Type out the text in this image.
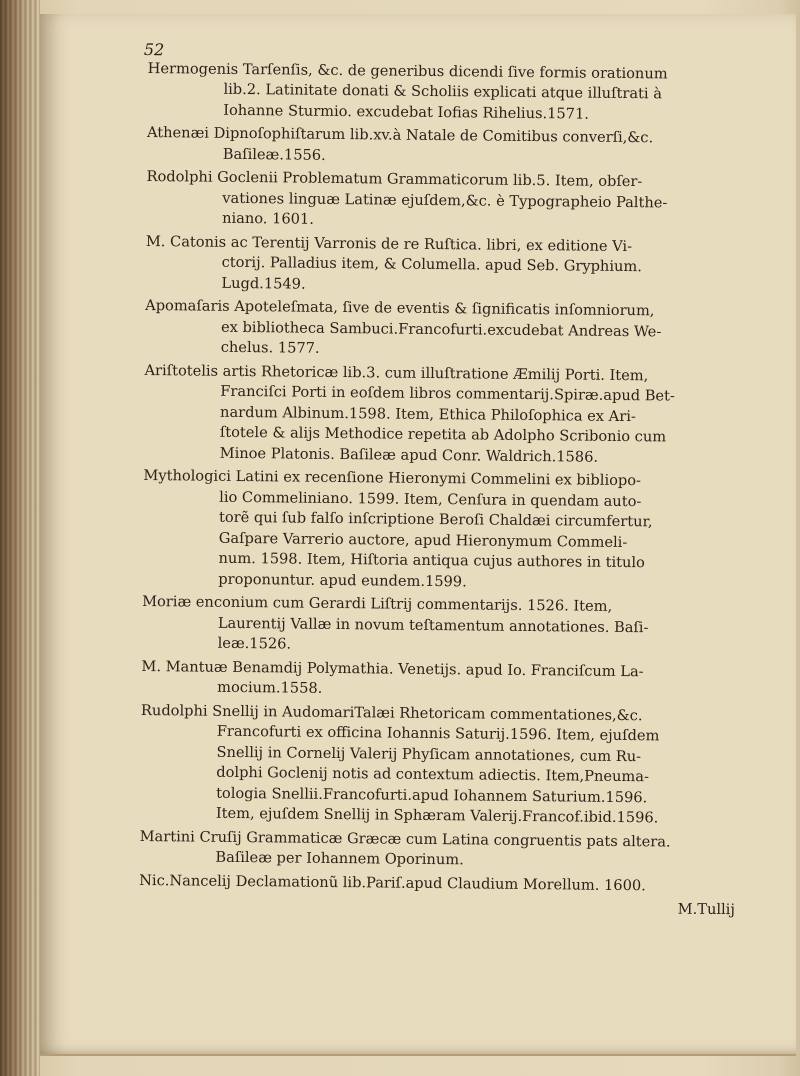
52

Hermogenis Tarſenſis, &c. de generibus dicendi ſive formis orationum
lib.2. Latinitate donati & Scholiis explicati atque illuſtrati à
Iohanne Sturmio. excudebat Iofias Rihelius.1571.

Athenæi Dipnoſophiſtarum lib.xv.à Natale de Comitibus converſi,&c.
Baſileæ.1556.

Rodolphi Goclenii Problematum Grammaticorum lib.5. Item, obſer-
vationes linguæ Latinæ ejuſdem,&c. è Typographeio Palthe-
niano. 1601.

M. Catonis ac Terentij Varronis de re Ruſtica. libri, ex editione Vi-
ctorij. Palladius item, & Columella. apud Seb. Gryphium.
Lugd.1549.

Apomaſaris Apoteleſmata, ſive de eventis & ſignificatis inſomniorum,
ex bibliotheca Sambuci.Francofurti.excudebat Andreas We-
chelus. 1577.

Ariſtotelis artis Rhetoricæ lib.3. cum illuſtratione Æmilij Porti. Item,
Franciſci Porti in eoſdem libros commentarij.Spiræ.apud Bet-
nardum Albinum.1598. Item, Ethica Philoſophica ex Ari-
ſtotele & alijs Methodice repetita ab Adolpho Scribonio cum
Minoe Platonis. Baſileæ apud Conr. Waldrich.1586.

Mythologici Latini ex recenſione Hieronymi Commelini ex bibliopo-
lio Commeliniano. 1599. Item, Cenſura in quendam auto-
torẽ qui ſub falſo inſcriptione Beroſi Chaldæi circumfertur,
Gaſpare Varrerio auctore, apud Hieronymum Commeli-
num. 1598. Item, Hiſtoria antiqua cujus authores in titulo
proponuntur. apud eundem.1599.

Moriæ enconium cum Gerardi Liſtrij commentarijs. 1526. Item,
Laurentij Vallæ in novum teſtamentum annotationes. Baſi-
leæ.1526.

M. Mantuæ Benamdij Polymathia. Venetijs. apud Io. Franciſcum La-
mocium.1558.

Rudolphi Snellij in AudomariTalæi Rhetoricam commentationes,&c.
Francofurti ex officina Iohannis Saturij.1596. Item, ejuſdem
Snellij in Cornelij Valerij Phyſicam annotationes, cum Ru-
dolphi Goclenij notis ad contextum adiectis. Item,Pneuma-
tologia Snellii.Francofurti.apud Iohannem Saturium.1596.
Item, ejuſdem Snellij in Sphæram Valerij.Francof.ibid.1596.

Martini Cruſij Grammaticæ Græcæ cum Latina congruentis pats altera.
Baſileæ per Iohannem Oporinum.

Nic.Nancelij Declamationũ lib.Pariſ.apud Claudium Morellum. 1600.

M.Tullij
